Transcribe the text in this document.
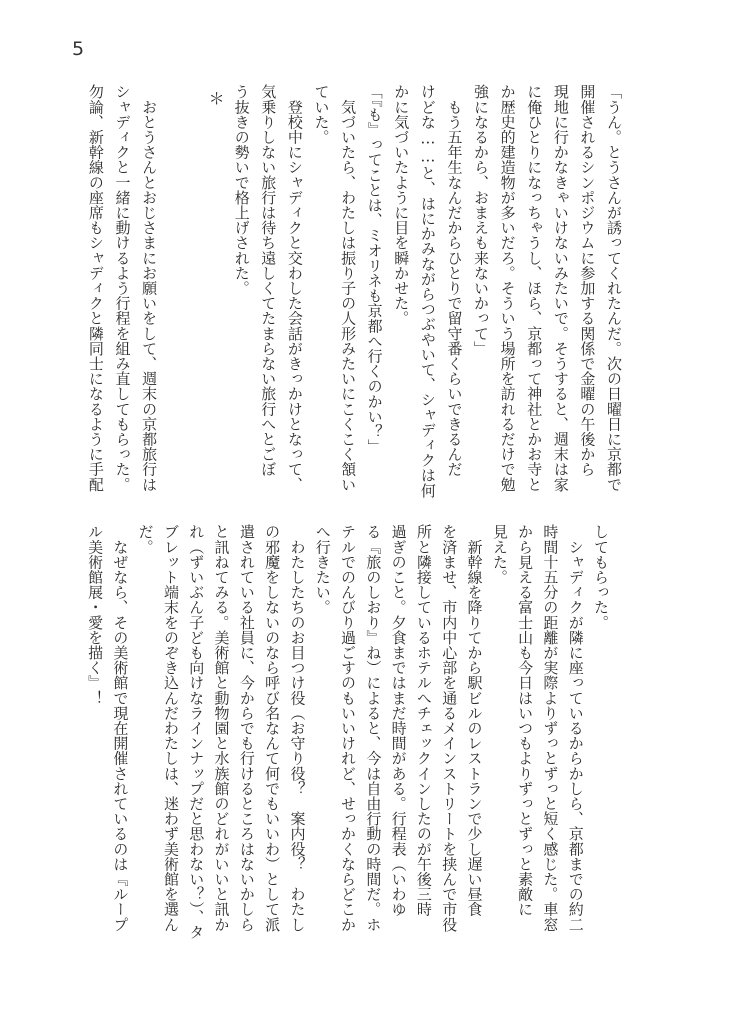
5
「うん。とうさんが誘ってくれたんだ。次の日曜日に京都で
開催されるシンポジウムに参加する関係で金曜の午後から
現地に行かなきゃいけないみたいで。そうすると、週末は家
に俺ひとりになっちゃうし、ほら、京都って神社とかお寺と
か歴史的建造物が多いだろ。そういう場所を訪れるだけで勉
強になるから、おまえも来ないかって」
　もう五年生なんだからひとりで留守番くらいできるんだ
けどな……と、はにかみながらつぶやいて、シャディクは何
かに気づいたように目を瞬かせた。
「『も』ってことは、ミオリネも京都へ行くのかい？」
　気づいたら、わたしは振り子の人形みたいにこくこく頷い
ていた。
　登校中にシャディクと交わした会話がきっかけとなって、
気乗りしない旅行は待ち遠しくてたまらない旅行へとごぼ
う抜きの勢いで格上げされた。
＊
　おとうさんとおじさまにお願いをして、週末の京都旅行は
シャディクと一緒に動けるよう行程を組み直してもらった。
勿論、新幹線の座席もシャディクと隣同士になるように手配
してもらった。
　シャディクが隣に座っているからかしら、京都までの約二
時間十五分の距離が実際よりずっとずっと短く感じた。車窓
から見える富士山も今日はいつもよりずっとずっと素敵に
見えた。
　新幹線を降りてから駅ビルのレストランで少し遅い昼食
を済ませ、市内中心部を通るメインストリートを挟んで市役
所と隣接しているホテルへチェックインしたのが午後三時
過ぎのこと。夕食まではまだ時間がある。行程表（いわゆ
る『旅のしおり』ね）によると、今は自由行動の時間だ。ホ
テルでのんびり過ごすのもいいけれど、せっかくならどこか
へ行きたい。
　わたしたちのお目つけ役（お守り役？　案内役？　わたし
の邪魔をしないのなら呼び名なんて何でもいいわ）として派
遣されている社員に、今からでも行けるところはないかしら
と訊ねてみる。美術館と動物園と水族館のどれがいいと訊か
れ（ずいぶん子ども向けなラインナップだと思わない？）、タ
ブレット端末をのぞき込んだわたしは、迷わず美術館を選ん
だ。
　なぜなら、その美術館で現在開催されているのは『ループ
ル美術館展・愛を描く』！
